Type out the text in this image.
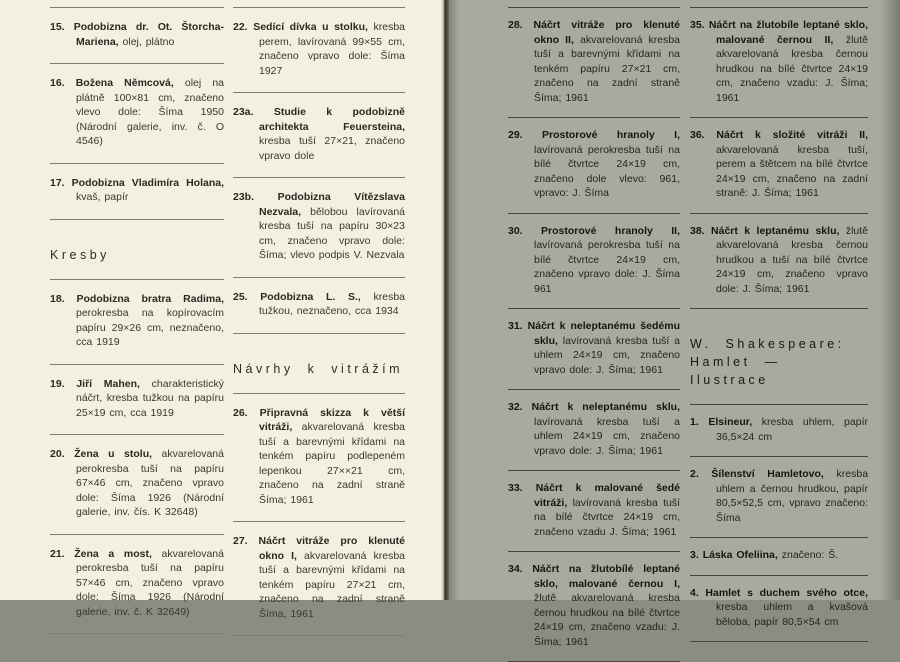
15. Podobizna dr. Ot. Štorcha-Mariena, olej, plátno

16. Božena Němcová, olej na plátně 100×81 cm, značeno vlevo dole: Šíma 1950 (Národní galerie, inv. č. O 4546)

17. Podobizna Vladimíra Holana, kvaš, papír

Kresby

18. Podobizna bratra Radima, perokresba na kopírovacím papíru 29×26 cm, neznačeno, cca 1919

19. Jiří Mahen, charakteristický náčrt, kresba tužkou na papíru 25×19 cm, cca 1919

20. Žena u stolu, akvarelovaná perokresba tuší na papíru 67×46 cm, značeno vpravo dole: Šíma 1926 (Národní galerie, inv. čís. K 32648)

21. Žena a most, akvarelovaná perokresba tuší na papíru 57×46 cm, značeno vpravo dole: Šíma 1926 (Národní galerie, inv. č. K 32649)

22. Sedící dívka u stolku, kresba perem, lavírovaná 99×55 cm, značeno vpravo dole: Šíma 1927

23a. Studie k podobizně architekta Feuersteina, kresba tuší 27×21, značeno vpravo dole

23b. Podobizna Vítězslava Nezvala, bělobou lavírovaná kresba tuší na papíru 30×23 cm, značeno vpravo dole: Šíma; vlevo podpis V. Nezvala

25. Podobizna L. S., kresba tužkou, neznačeno, cca 1934

Návrhy k vitrážím

26. Připravná skizza k větší vitráži, akvarelovaná kresba tuší a barevnými křídami na tenkém papíru podlepeném lepenkou 27××21 cm, značeno na zadní straně Šíma; 1961

27. Náčrt vitráže pro klenuté okno I, akvarelovaná kresba tuší a barevnými křídami na tenkém papíru 27×21 cm, značeno na zadní straně Šíma, 1961

28. Náčrt vitráže pro klenuté okno II, akvarelovaná kresba tuší a barevnými křídami na tenkém papíru 27×21 cm, značeno na zadní straně Šíma; 1961

29. Prostorové hranoly I, lavírovaná perokresba tuší na bílé čtvrtce 24×19 cm, značeno dole vlevo: 961, vpravo: J. Šíma

30. Prostorové hranoly II, lavírovaná perokresba tuší na bílé čtvrtce 24×19 cm, značeno vpravo dole: J. Šíma 961

31. Náčrt k neleptanému šedému sklu, lavírovaná kresba tuší a uhlem 24×19 cm, značeno vpravo dole: J. Šíma; 1961

32. Náčrt k neleptanému sklu, lavírovaná kresba tuší a uhlem 24×19 cm, značeno vpravo dole: J. Šíma; 1961

33. Náčrt k malované šedé vitráži, lavírovaná kresba tuší na bílé čtvrtce 24×19 cm, značeno vzadu J. Šíma; 1961

34. Náčrt na žlutobílé leptané sklo, malované černou I, žlutě akvarelovaná kresba černou hrudkou na bílé čtvrtce 24×19 cm, značeno vzadu: J. Šíma; 1961

35. Náčrt na žlutobíle leptané sklo, malované černou II, žlutě akvarelovaná kresba černou hrudkou na bílé čtvrtce 24×19 cm, značeno vzadu: J. Šíma; 1961

36. Náčrt k složité vitráži II, akvarelovaná kresba tuší, perem a štětcem na bílé čtvrtce 24×19 cm, značeno na zadní straně: J. Šíma; 1961

38. Náčrt k leptanému sklu, žlutě akvarelovaná kresba černou hrudkou a tuší na bílé čtvrtce 24×19 cm, značeno vpravo dole: J. Šíma; 1961

W. Shakespeare:
Hamlet — Ilustrace

1. Elsineur, kresba uhlem, papír 36,5×24 cm

2. Šílenství Hamletovo, kresba uhlem a černou hrudkou, papír 80,5×52,5 cm, vpravo značeno: Šíma

3. Láska Ofeliina, značeno: Š.

4. Hamlet s duchem svého otce, kresba uhlem a kvašová běloba, papír 80,5×54 cm
